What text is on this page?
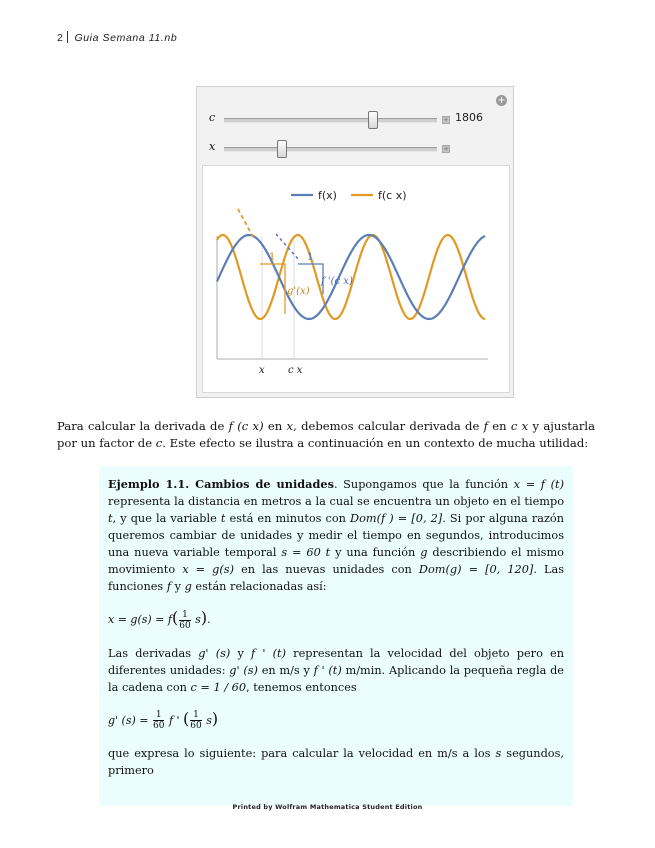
2 Guia Semana 11.nb
+
c	+ 1806
x	+
f(x)	f(c x)
1	1
f '(c x)
g'(x)
x c x
Para calcular la derivada de f (c x) en x, debemos calcular derivada de f en c x y ajustarla por un factor de c. Este efecto se ilustra a continuación en un contexto de mucha utilidad:

Ejemplo 1.1. Cambios de unidades. Supongamos que la función x = f (t) representa la distancia en metros a la cual se encuentra un objeto en el tiempo t, y que la variable t está en minutos con Dom(f ) = [0, 2]. Si por alguna razón queremos cambiar de unidades y medir el tiempo en segundos, introducimos una nueva variable temporal s = 60 t y una función g describiendo el mismo movimiento x = g(s) en las nuevas unidades con Dom(g) = [0, 120]. Las funciones f y g están relacionadas así:

$x = g(s) = f( \frac{1}{60} s)$.

Las derivadas g' (s) y f ' (t) representan la velocidad del objeto pero en diferentes unidades: g' (s) en m/s y f ' (t) m/min. Aplicando la pequeña regla de la cadena con c = 1 / 60, tenemos entonces

g' $(s) = \frac{1}{60}$ f ' ( $\frac{1}{60} s$)

que expresa lo siguiente: para calcular la velocidad en m/s a los s segundos, primero

Printed by Wolfram Mathematica Student Edition
